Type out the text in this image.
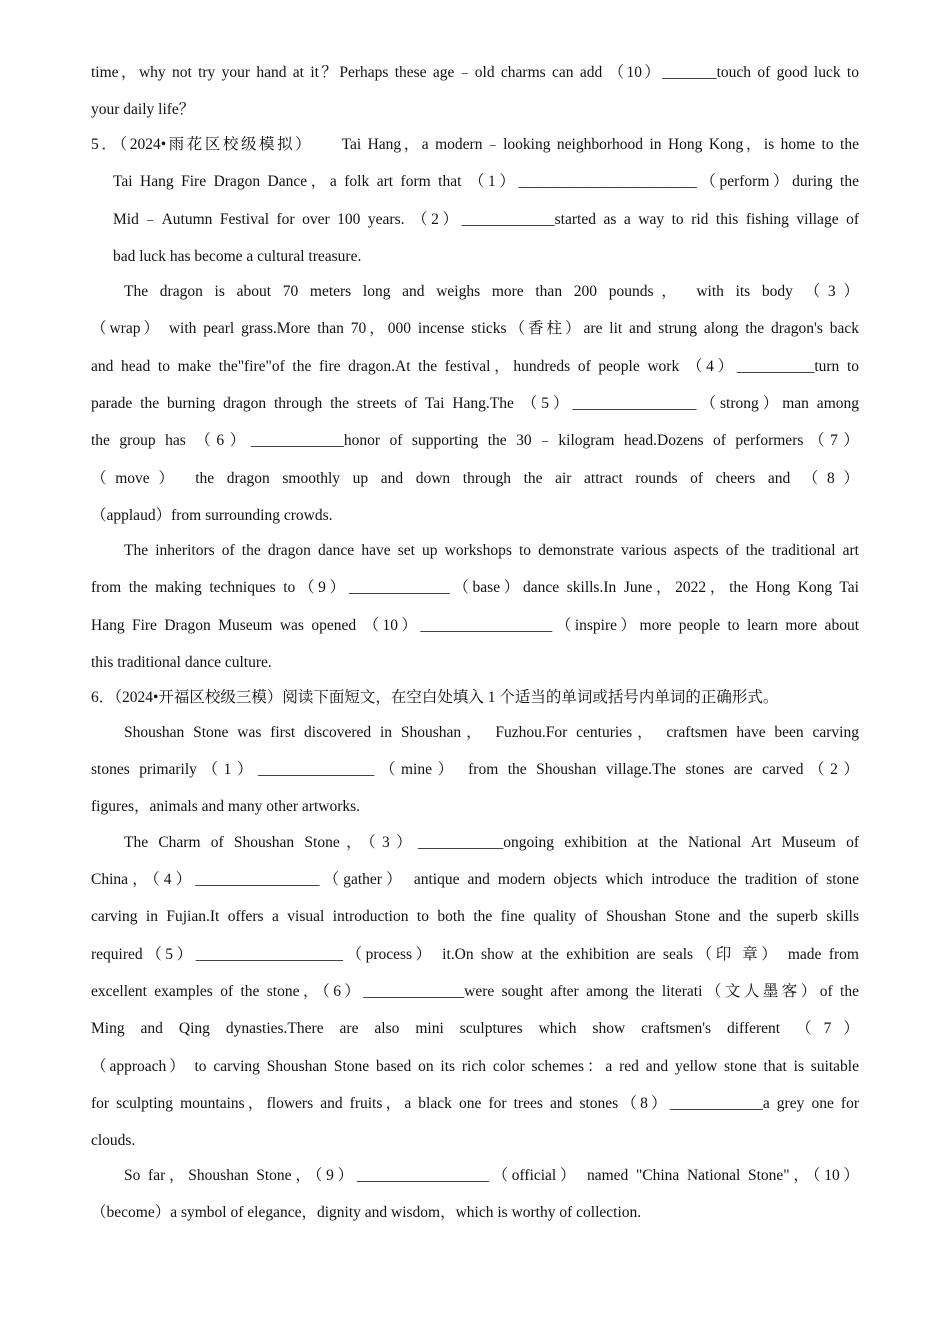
time，why not try your hand at it？Perhaps these age﹣old charms can add （10）_______touch of good luck to
your daily life？
5．（2024•雨花区校级模拟）　　Tai Hang，a modern﹣looking neighborhood in Hong Kong，is home to the
Tai Hang Fire Dragon Dance，a folk art form that （1）_______________________（perform）during the
Mid﹣Autumn Festival for over 100 years. （2）____________started as a way to rid this fishing village of
bad luck has become a cultural treasure.
The dragon is about 70 meters long and weighs more than 200 pounds， with its body （3）
（wrap） with pearl grass.More than 70，000 incense sticks（香柱）are lit and strung along the dragon's back
and head to make the"fire"of the fire dragon.At the festival，hundreds of people work （4）__________turn to
parade the burning dragon through the streets of Tai Hang.The （5）________________（strong）man among
the group has （6）____________honor of supporting the 30﹣kilogram head.Dozens of performers（7）
（move） the dragon smoothly up and down through the air attract rounds of cheers and （8）
（applaud）from surrounding crowds.
The inheritors of the dragon dance have set up workshops to demonstrate various aspects of the traditional art
from the making techniques to（9）_____________（base）dance skills.In June，2022，the Hong Kong Tai
Hang Fire Dragon Museum was opened （10）_________________（inspire）more people to learn more about
this traditional dance culture.
6．（2024•开福区校级三模）阅读下面短文，在空白处填入 1 个适当的单词或括号内单词的正确形式。
Shoushan Stone was first discovered in Shoushan， Fuzhou.For centuries， craftsmen have been carving
stones primarily（1）_______________（mine） from the Shoushan village.The stones are carved（2）
figures，animals and many other artworks.
The Charm of Shoushan Stone，（3）___________ongoing exhibition at the National Art Museum of
China，（4）________________（gather） antique and modern objects which introduce the tradition of stone
carving in Fujian.It offers a visual introduction to both the fine quality of Shoushan Stone and the superb skills
required（5）___________________（process） it.On show at the exhibition are seals（印 章） made from
excellent examples of the stone，（6）_____________were sought after among the literati（文人墨客）of the
Ming and Qing dynasties.There are also mini sculptures which show craftsmen's different （7）
（approach） to carving Shoushan Stone based on its rich color schemes：a red and yellow stone that is suitable
for sculpting mountains，flowers and fruits，a black one for trees and stones（8）____________a grey one for
clouds.
So far，Shoushan Stone，（9）_________________（official） named "China National Stone"，（10）
（become）a symbol of elegance，dignity and wisdom，which is worthy of collection.
